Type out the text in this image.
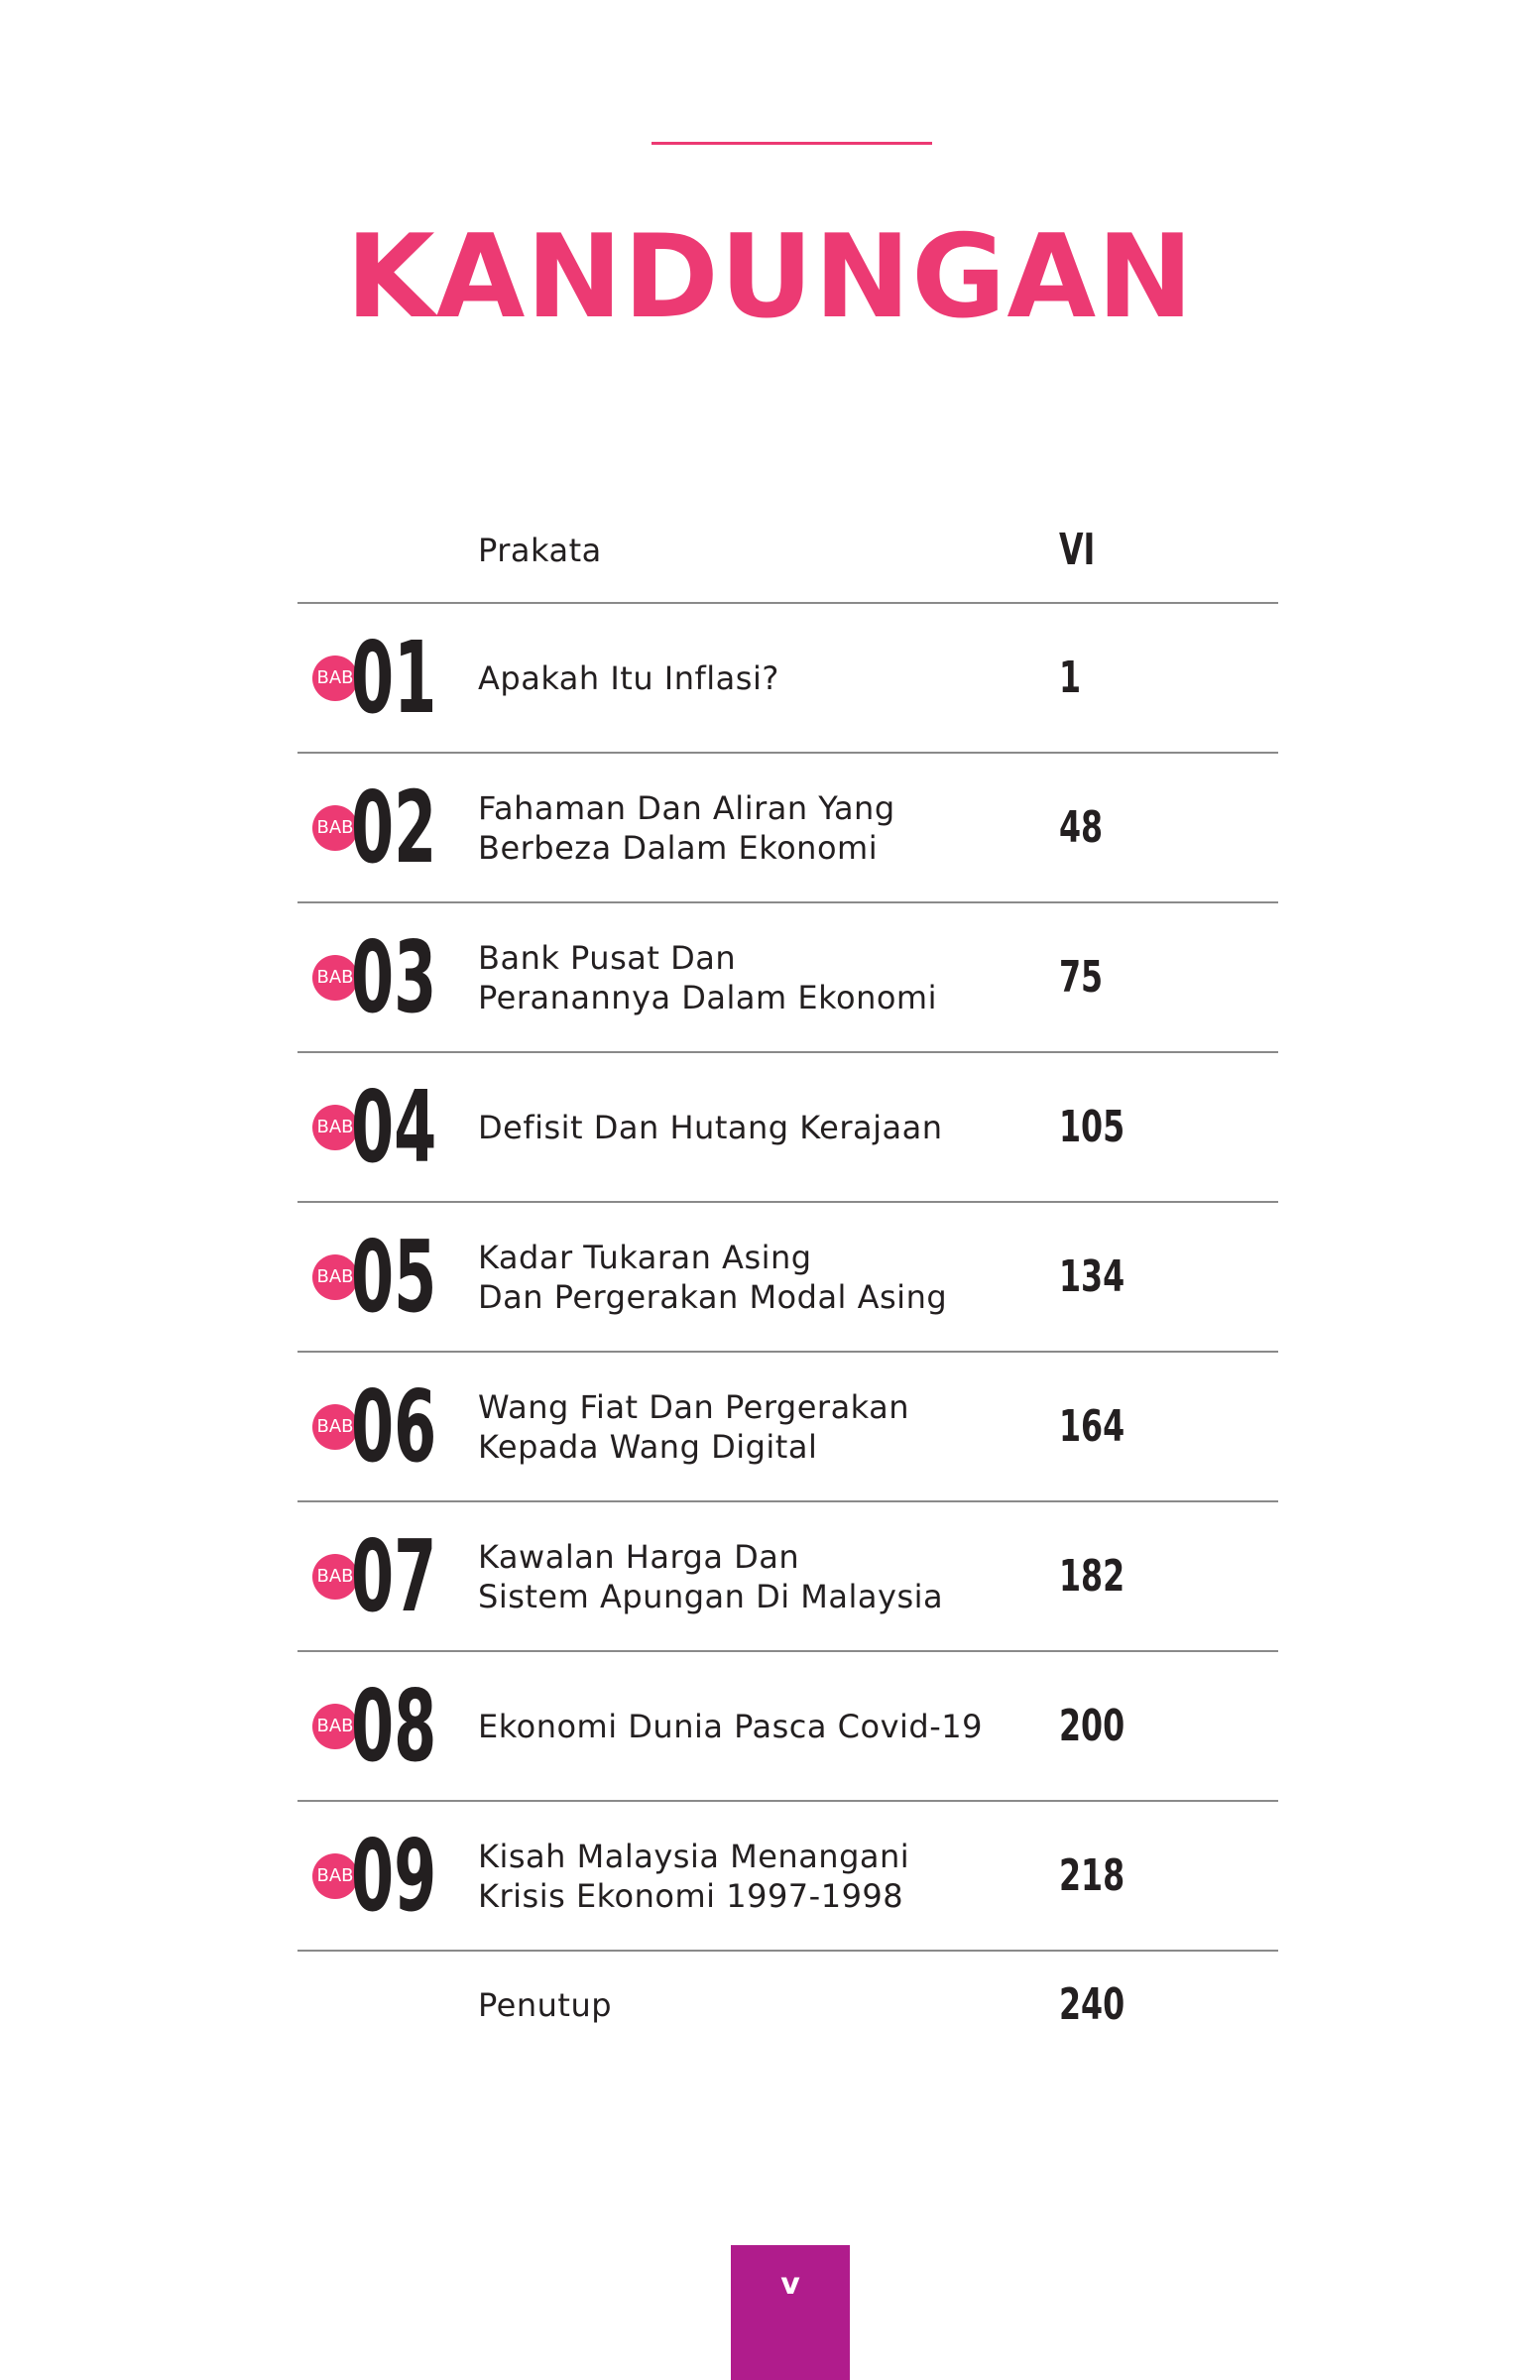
KANDUNGAN
Prakata	VI
BAB
01	Apakah Itu Inflasi?	1
BAB
02	Fahaman Dan Aliran Yang
Berbeza Dalam Ekonomi	48
BAB
03	Bank Pusat Dan
Peranannya Dalam Ekonomi	75
BAB
04	Defisit Dan Hutang Kerajaan	105
BAB
05	Kadar Tukaran Asing
Dan Pergerakan Modal Asing	134
BAB
06	Wang Fiat Dan Pergerakan
Kepada Wang Digital	164
BAB
07	Kawalan Harga Dan
Sistem Apungan Di Malaysia	182
BAB
08	Ekonomi Dunia Pasca Covid-19 200
BAB
09	Kisah Malaysia Menangani
Krisis Ekonomi 1997-1998	218
Penutup	240
v
